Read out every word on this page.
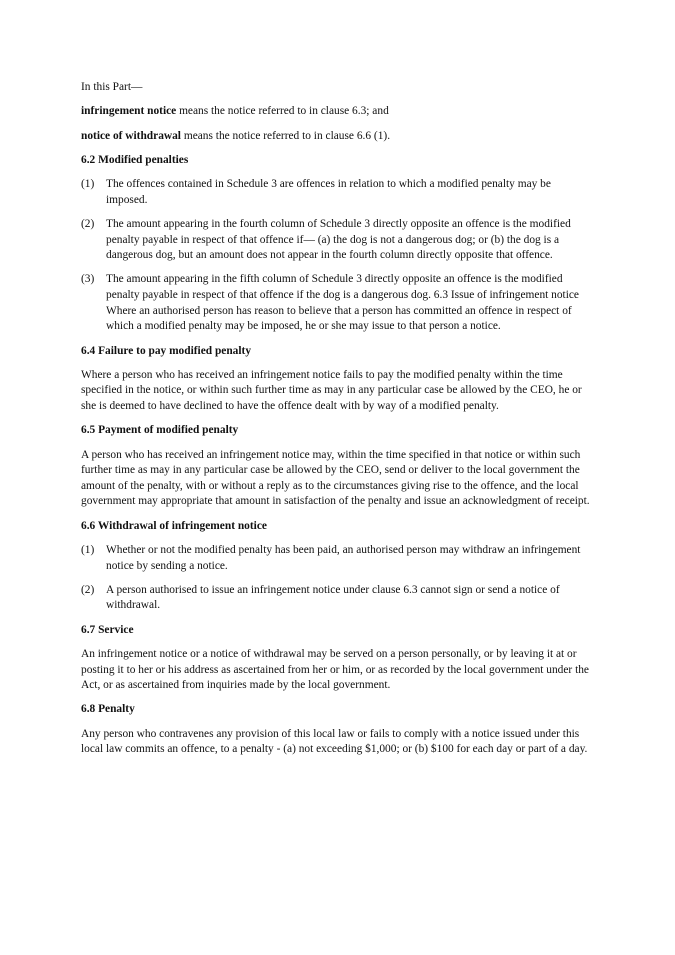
In this Part—

infringement notice means the notice referred to in clause 6.3; and

notice of withdrawal means the notice referred to in clause 6.6 (1).

6.2 Modified penalties
(1)	The offences contained in Schedule 3 are offences in relation to which a modified penalty may be imposed.
(2)	The amount appearing in the fourth column of Schedule 3 directly opposite an offence is the modified penalty payable in respect of that offence if— (a) the dog is not a dangerous dog; or (b) the dog is a dangerous dog, but an amount does not appear in the fourth column directly opposite that offence.
(3)	The amount appearing in the fifth column of Schedule 3 directly opposite an offence is the modified penalty payable in respect of that offence if the dog is a dangerous dog. 6.3 Issue of infringement notice Where an authorised person has reason to believe that a person has committed an offence in respect of which a modified penalty may be imposed, he or she may issue to that person a notice.
6.4 Failure to pay modified penalty

Where a person who has received an infringement notice fails to pay the modified penalty within the time specified in the notice, or within such further time as may in any particular case be allowed by the CEO, he or she is deemed to have declined to have the offence dealt with by way of a modified penalty.

6.5 Payment of modified penalty

A person who has received an infringement notice may, within the time specified in that notice or within such further time as may in any particular case be allowed by the CEO, send or deliver to the local government the amount of the penalty, with or without a reply as to the circumstances giving rise to the offence, and the local government may appropriate that amount in satisfaction of the penalty and issue an acknowledgment of receipt.

6.6 Withdrawal of infringement notice
(1)	Whether or not the modified penalty has been paid, an authorised person may withdraw an infringement notice by sending a notice.
(2)	A person authorised to issue an infringement notice under clause 6.3 cannot sign or send a notice of withdrawal.
6.7 Service

An infringement notice or a notice of withdrawal may be served on a person personally, or by leaving it at or posting it to her or his address as ascertained from her or him, or as recorded by the local government under the Act, or as ascertained from inquiries made by the local government.

6.8 Penalty

Any person who contravenes any provision of this local law or fails to comply with a notice issued under this local law commits an offence, to a penalty - (a) not exceeding $1,000; or (b) $100 for each day or part of a day.
